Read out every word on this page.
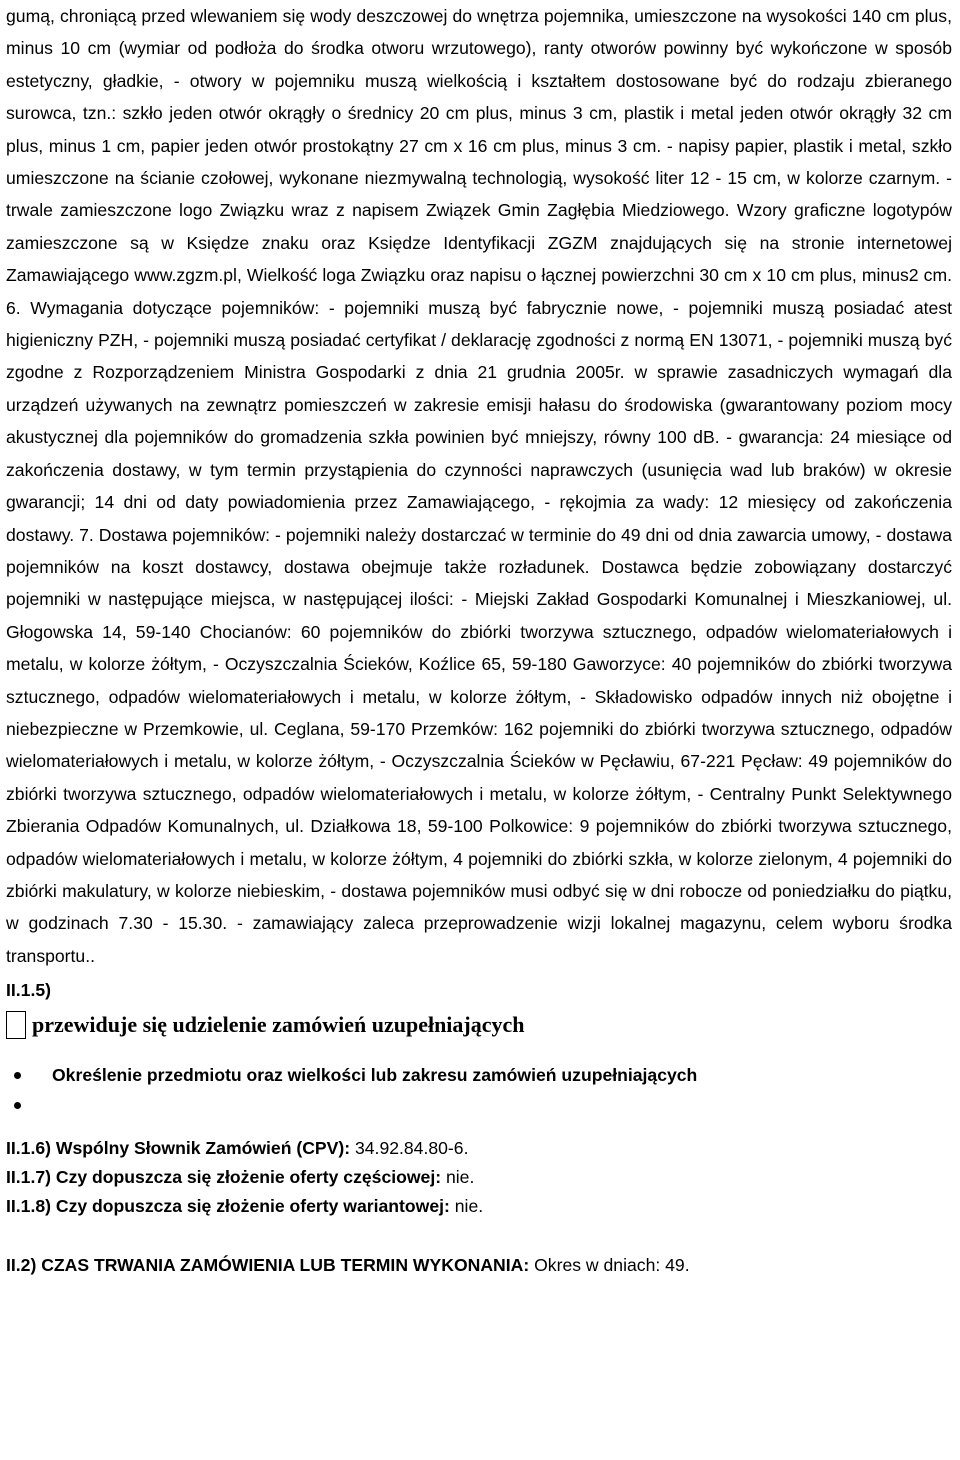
gumą, chroniącą przed wlewaniem się wody deszczowej do wnętrza pojemnika, umieszczone na wysokości 140 cm plus, minus 10 cm (wymiar od podłoża do środka otworu wrzutowego), ranty otworów powinny być wykończone w sposób estetyczny, gładkie, - otwory w pojemniku muszą wielkością i kształtem dostosowane być do rodzaju zbieranego surowca, tzn.: szkło jeden otwór okrągły o średnicy 20 cm plus, minus 3 cm, plastik i metal jeden otwór okrągły 32 cm plus, minus 1 cm, papier jeden otwór prostokątny 27 cm x 16 cm plus, minus 3 cm. - napisy papier, plastik i metal, szkło umieszczone na ścianie czołowej, wykonane niezmywalną technologią, wysokość liter 12 - 15 cm, w kolorze czarnym. - trwale zamieszczone logo Związku wraz z napisem Związek Gmin Zagłębia Miedziowego. Wzory graficzne logotypów zamieszczone są w Księdze znaku oraz Księdze Identyfikacji ZGZM znajdujących się na stronie internetowej Zamawiającego www.zgzm.pl, Wielkość loga Związku oraz napisu o łącznej powierzchni 30 cm x 10 cm plus, minus2 cm. 6. Wymagania dotyczące pojemników: - pojemniki muszą być fabrycznie nowe, - pojemniki muszą posiadać atest higieniczny PZH, - pojemniki muszą posiadać certyfikat / deklarację zgodności z normą EN 13071, - pojemniki muszą być zgodne z Rozporządzeniem Ministra Gospodarki z dnia 21 grudnia 2005r. w sprawie zasadniczych wymagań dla urządzeń używanych na zewnątrz pomieszczeń w zakresie emisji hałasu do środowiska (gwarantowany poziom mocy akustycznej dla pojemników do gromadzenia szkła powinien być mniejszy, równy 100 dB. - gwarancja: 24 miesiące od zakończenia dostawy, w tym termin przystąpienia do czynności naprawczych (usunięcia wad lub braków) w okresie gwarancji; 14 dni od daty powiadomienia przez Zamawiającego, - rękojmia za wady: 12 miesięcy od zakończenia dostawy. 7. Dostawa pojemników: - pojemniki należy dostarczać w terminie do 49 dni od dnia zawarcia umowy, - dostawa pojemników na koszt dostawcy, dostawa obejmuje także rozładunek. Dostawca będzie zobowiązany dostarczyć pojemniki w następujące miejsca, w następującej ilości: - Miejski Zakład Gospodarki Komunalnej i Mieszkaniowej, ul. Głogowska 14, 59-140 Chocianów: 60 pojemników do zbiórki tworzywa sztucznego, odpadów wielomateriałowych i metalu, w kolorze żółtym, - Oczyszczalnia Ścieków, Koźlice 65, 59-180 Gaworzyce: 40 pojemników do zbiórki tworzywa sztucznego, odpadów wielomateriałowych i metalu, w kolorze żółtym, - Składowisko odpadów innych niż obojętne i niebezpieczne w Przemkowie, ul. Ceglana, 59-170 Przemków: 162 pojemniki do zbiórki tworzywa sztucznego, odpadów wielomateriałowych i metalu, w kolorze żółtym, - Oczyszczalnia Ścieków w Pęcławiu, 67-221 Pęcław: 49 pojemników do zbiórki tworzywa sztucznego, odpadów wielomateriałowych i metalu, w kolorze żółtym, - Centralny Punkt Selektywnego Zbierania Odpadów Komunalnych, ul. Działkowa 18, 59-100 Polkowice: 9 pojemników do zbiórki tworzywa sztucznego, odpadów wielomateriałowych i metalu, w kolorze żółtym, 4 pojemniki do zbiórki szkła, w kolorze zielonym, 4 pojemniki do zbiórki makulatury, w kolorze niebieskim, - dostawa pojemników musi odbyć się w dni robocze od poniedziałku do piątku, w godzinach 7.30 - 15.30. - zamawiający zaleca przeprowadzenie wizji lokalnej magazynu, celem wyboru środka transportu..

II.1.5)

przewiduje się udzielenie zamówień uzupełniających
Określenie przedmiotu oraz wielkości lub zakresu zamówień uzupełniających

II.1.6) Wspólny Słownik Zamówień (CPV): 34.92.84.80-6.

II.1.7) Czy dopuszcza się złożenie oferty częściowej: nie.

II.1.8) Czy dopuszcza się złożenie oferty wariantowej: nie.

II.2) CZAS TRWANIA ZAMÓWIENIA LUB TERMIN WYKONANIA: Okres w dniach: 49.
